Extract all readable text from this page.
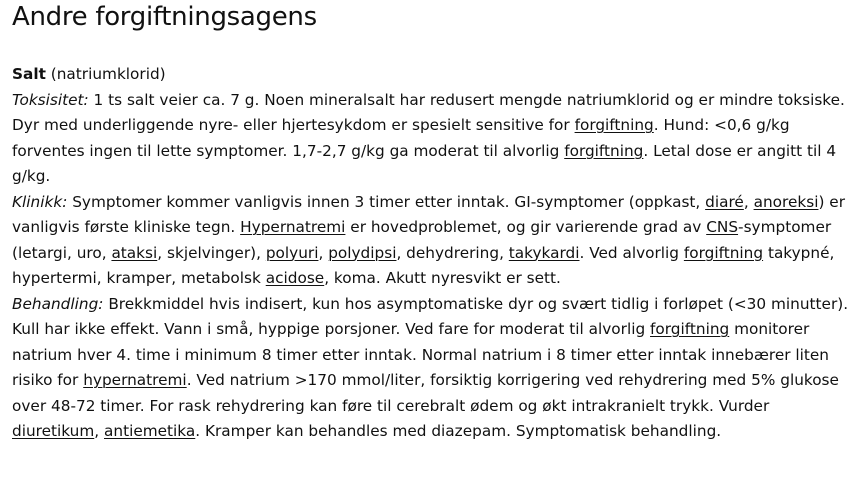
Andre forgiftningsagens

Salt (natriumklorid)

Toksisitet: 1 ts salt veier ca. 7 g. Noen mineralsalt har redusert mengde natriumklorid og er mindre toksiske. Dyr med underliggende nyre- eller hjertesykdom er spesielt sensitive for forgiftning. Hund: <0,6 g/kg forventes ingen til lette symptomer. 1,7-2,7 g/kg ga moderat til alvorlig forgiftning. Letal dose er angitt til 4 g/kg.

Klinikk: Symptomer kommer vanligvis innen 3 timer etter inntak. GI-symptomer (oppkast, diaré, anoreksi) er vanligvis første kliniske tegn. Hypernatremi er hovedproblemet, og gir varierende grad av CNS-symptomer (letargi, uro, ataksi, skjelvinger), polyuri, polydipsi, dehydrering, takykardi. Ved alvorlig forgiftning takypné, hypertermi, kramper, metabolsk acidose, koma. Akutt nyresvikt er sett.

Behandling: Brekkmiddel hvis indisert, kun hos asymptomatiske dyr og svært tidlig i forløpet (<30 minutter). Kull har ikke effekt. Vann i små, hyppige porsjoner. Ved fare for moderat til alvorlig forgiftning monitorer natrium hver 4. time i minimum 8 timer etter inntak. Normal natrium i 8 timer etter inntak innebærer liten risiko for hypernatremi. Ved natrium >170 mmol/liter, forsiktig korrigering ved rehydrering med 5% glukose over 48-72 timer. For rask rehydrering kan føre til cerebralt ødem og økt intrakranielt trykk. Vurder diuretikum, antiemetika. Kramper kan behandles med diazepam. Symptomatisk behandling.
